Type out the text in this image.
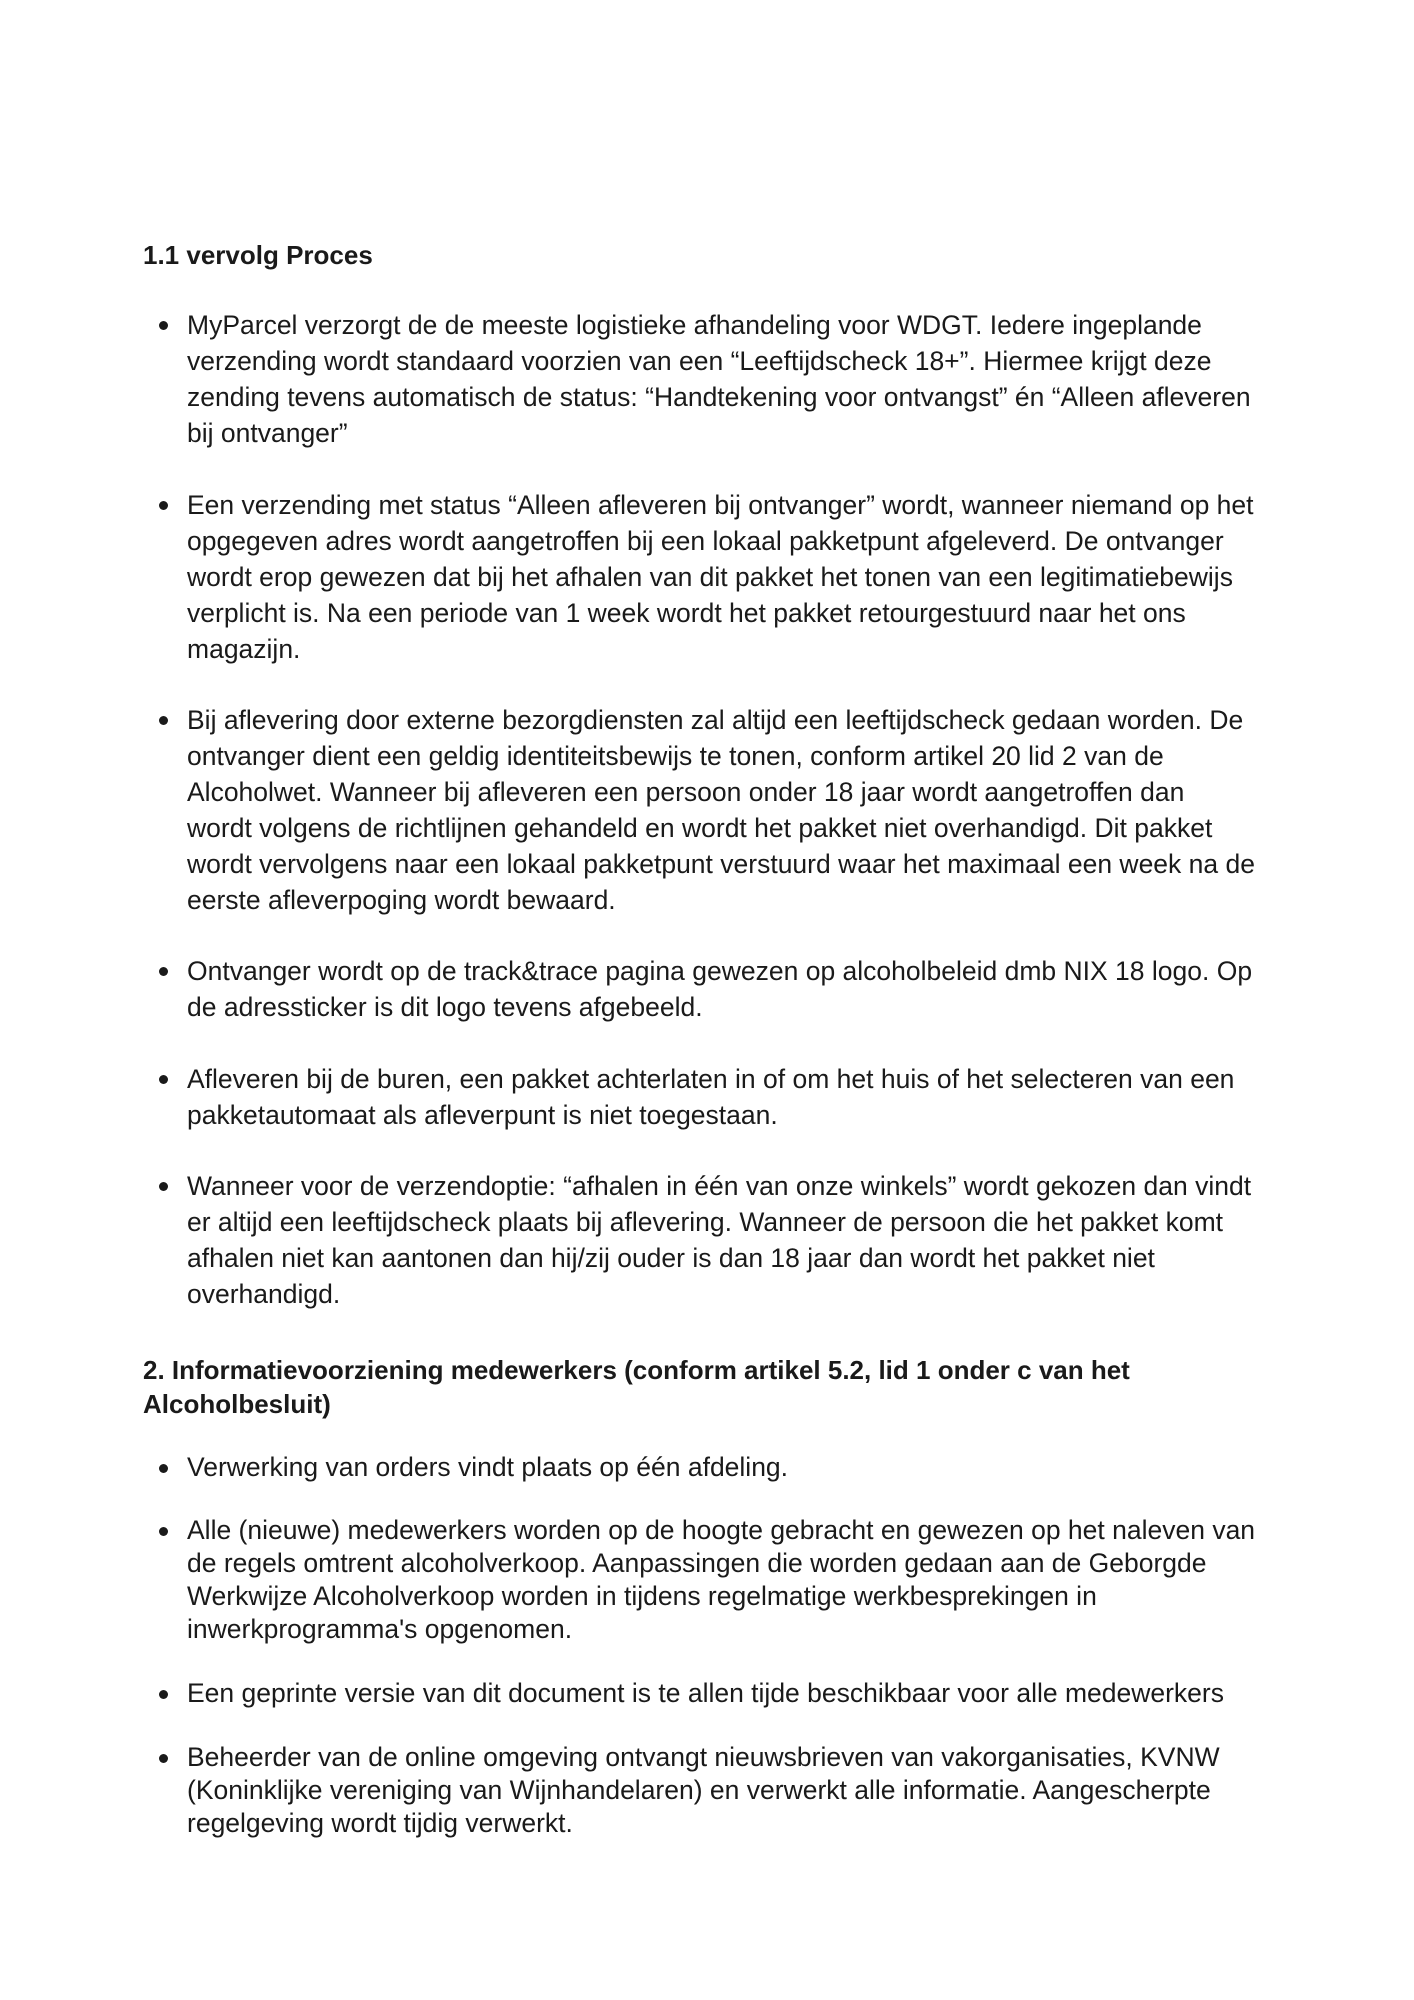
1.1 vervolg Proces

MyParcel verzorgt de de meeste logistieke afhandeling voor WDGT. Iedere ingeplande
verzending wordt standaard voorzien van een “Leeftijdscheck 18+”. Hiermee krijgt deze
zending tevens automatisch de status: “Handtekening voor ontvangst” én “Alleen afleveren
bij ontvanger”

Een verzending met status “Alleen afleveren bij ontvanger” wordt, wanneer niemand op het
opgegeven adres wordt aangetroffen bij een lokaal pakketpunt afgeleverd. De ontvanger
wordt erop gewezen dat bij het afhalen van dit pakket het tonen van een legitimatiebewijs
verplicht is. Na een periode van 1 week wordt het pakket retourgestuurd naar het ons
magazijn.

Bij aflevering door externe bezorgdiensten zal altijd een leeftijdscheck gedaan worden. De
ontvanger dient een geldig identiteitsbewijs te tonen, conform artikel 20 lid 2 van de
Alcoholwet. Wanneer bij afleveren een persoon onder 18 jaar wordt aangetroffen dan
wordt volgens de richtlijnen gehandeld en wordt het pakket niet overhandigd. Dit pakket
wordt vervolgens naar een lokaal pakketpunt verstuurd waar het maximaal een week na de
eerste afleverpoging wordt bewaard.

Ontvanger wordt op de track&trace pagina gewezen op alcoholbeleid dmb NIX 18 logo. Op
de adressticker is dit logo tevens afgebeeld.

Afleveren bij de buren, een pakket achterlaten in of om het huis of het selecteren van een
pakketautomaat als afleverpunt is niet toegestaan.

Wanneer voor de verzendoptie: “afhalen in één van onze winkels” wordt gekozen dan vindt
er altijd een leeftijdscheck plaats bij aflevering. Wanneer de persoon die het pakket komt
afhalen niet kan aantonen dan hij/zij ouder is dan 18 jaar dan wordt het pakket niet
overhandigd.

2. Informatievoorziening medewerkers (conform artikel 5.2, lid 1 onder c van het
Alcoholbesluit)

Verwerking van orders vindt plaats op één afdeling.

Alle (nieuwe) medewerkers worden op de hoogte gebracht en gewezen op het naleven van
de regels omtrent alcoholverkoop. Aanpassingen die worden gedaan aan de Geborgde
Werkwijze Alcoholverkoop worden in tijdens regelmatige werkbesprekingen in
inwerkprogramma's opgenomen.

Een geprinte versie van dit document is te allen tijde beschikbaar voor alle medewerkers

Beheerder van de online omgeving ontvangt nieuwsbrieven van vakorganisaties, KVNW
(Koninklijke vereniging van Wijnhandelaren) en verwerkt alle informatie. Aangescherpte
regelgeving wordt tijdig verwerkt.
